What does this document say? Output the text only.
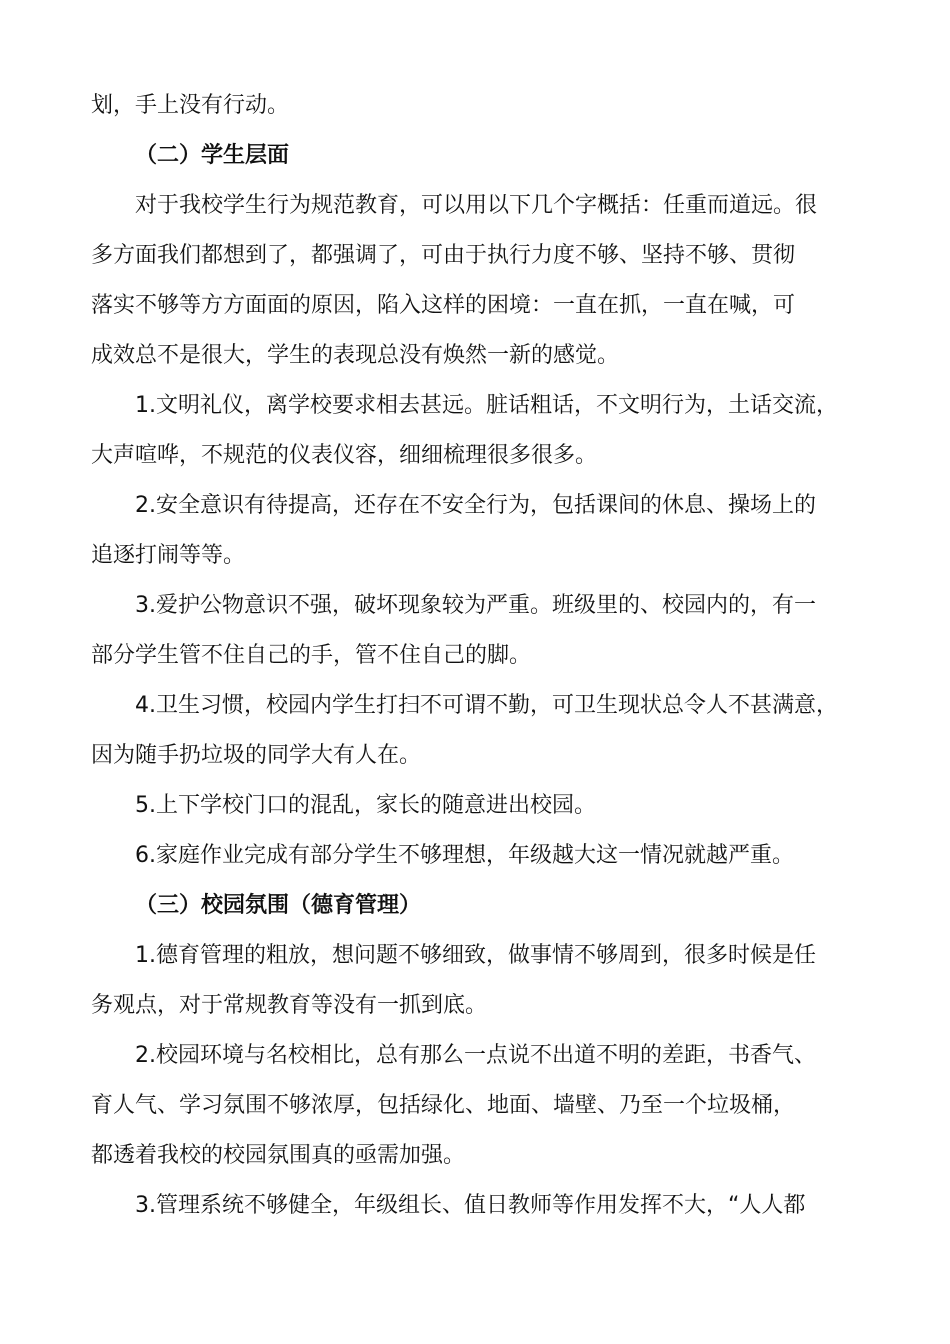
划，手上没有行动。
（二）学生层面
对于我校学生行为规范教育，可以用以下几个字概括：任重而道远。很
多方面我们都想到了，都强调了，可由于执行力度不够、坚持不够、贯彻
落实不够等方方面面的原因，陷入这样的困境：一直在抓，一直在喊，可
成效总不是很大，学生的表现总没有焕然一新的感觉。
1.文明礼仪，离学校要求相去甚远。脏话粗话，不文明行为，土话交流，
大声喧哗，不规范的仪表仪容，细细梳理很多很多。
2.安全意识有待提高，还存在不安全行为，包括课间的休息、操场上的
追逐打闹等等。
3.爱护公物意识不强，破坏现象较为严重。班级里的、校园内的，有一
部分学生管不住自己的手，管不住自己的脚。
4.卫生习惯，校园内学生打扫不可谓不勤，可卫生现状总令人不甚满意，
因为随手扔垃圾的同学大有人在。
5.上下学校门口的混乱，家长的随意进出校园。
6.家庭作业完成有部分学生不够理想，年级越大这一情况就越严重。
（三）校园氛围（德育管理）
1.德育管理的粗放，想问题不够细致，做事情不够周到，很多时候是任
务观点，对于常规教育等没有一抓到底。
2.校园环境与名校相比，总有那么一点说不出道不明的差距，书香气、
育人气、学习氛围不够浓厚，包括绿化、地面、墙壁、乃至一个垃圾桶，
都透着我校的校园氛围真的亟需加强。
3.管理系统不够健全，年级组长、值日教师等作用发挥不大，“人人都
